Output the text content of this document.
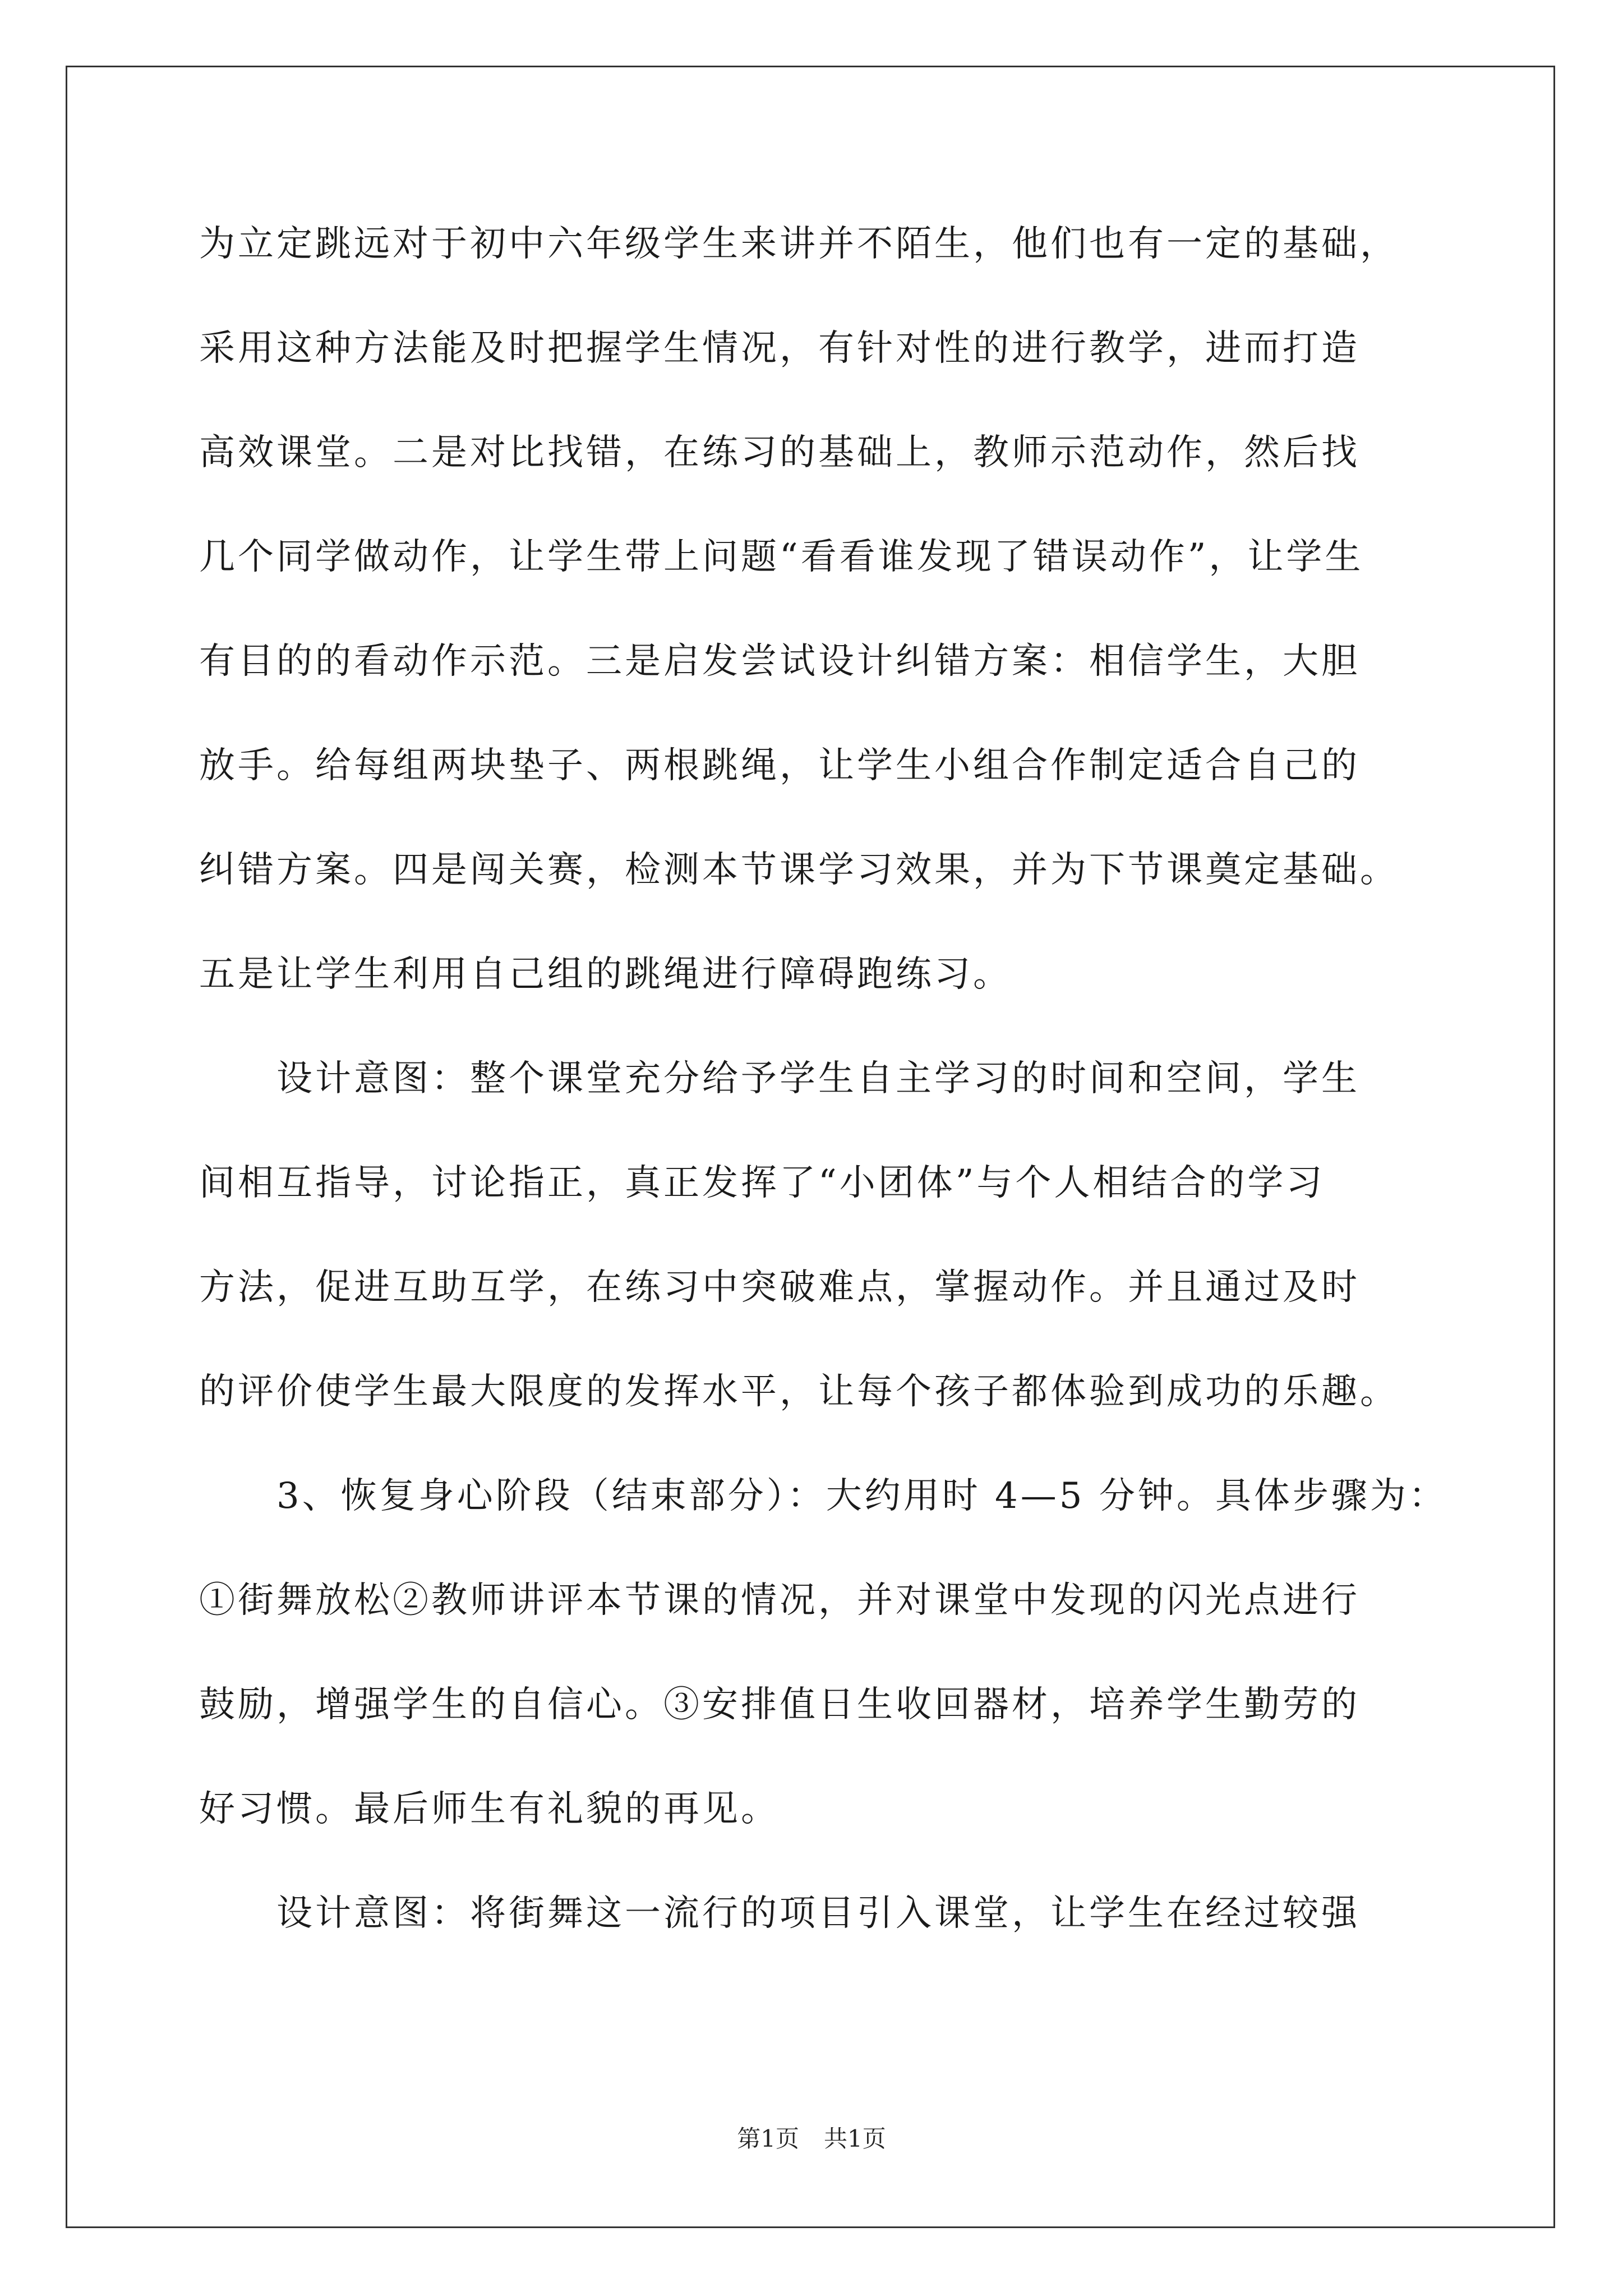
为立定跳远对于初中六年级学生来讲并不陌生，他们也有一定的基础，
采用这种方法能及时把握学生情况，有针对性的进行教学，进而打造
高效课堂。二是对比找错，在练习的基础上，教师示范动作，然后找
几个同学做动作，让学生带上问题“看看谁发现了错误动作”，让学生
有目的的看动作示范。三是启发尝试设计纠错方案：相信学生，大胆
放手。给每组两块垫子、两根跳绳，让学生小组合作制定适合自己的
纠错方案。四是闯关赛，检测本节课学习效果，并为下节课奠定基础。
五是让学生利用自己组的跳绳进行障碍跑练习。
　　设计意图：整个课堂充分给予学生自主学习的时间和空间，学生
间相互指导，讨论指正，真正发挥了“小团体”与个人相结合的学习
方法，促进互助互学，在练习中突破难点，掌握动作。并且通过及时
的评价使学生最大限度的发挥水平，让每个孩子都体验到成功的乐趣。
　　3、恢复身心阶段（结束部分）：大约用时 4—5 分钟。具体步骤为：
①街舞放松②教师讲评本节课的情况，并对课堂中发现的闪光点进行
鼓励，增强学生的自信心。③安排值日生收回器材，培养学生勤劳的
好习惯。最后师生有礼貌的再见。
　　设计意图：将街舞这一流行的项目引入课堂，让学生在经过较强
第1页 共1页
